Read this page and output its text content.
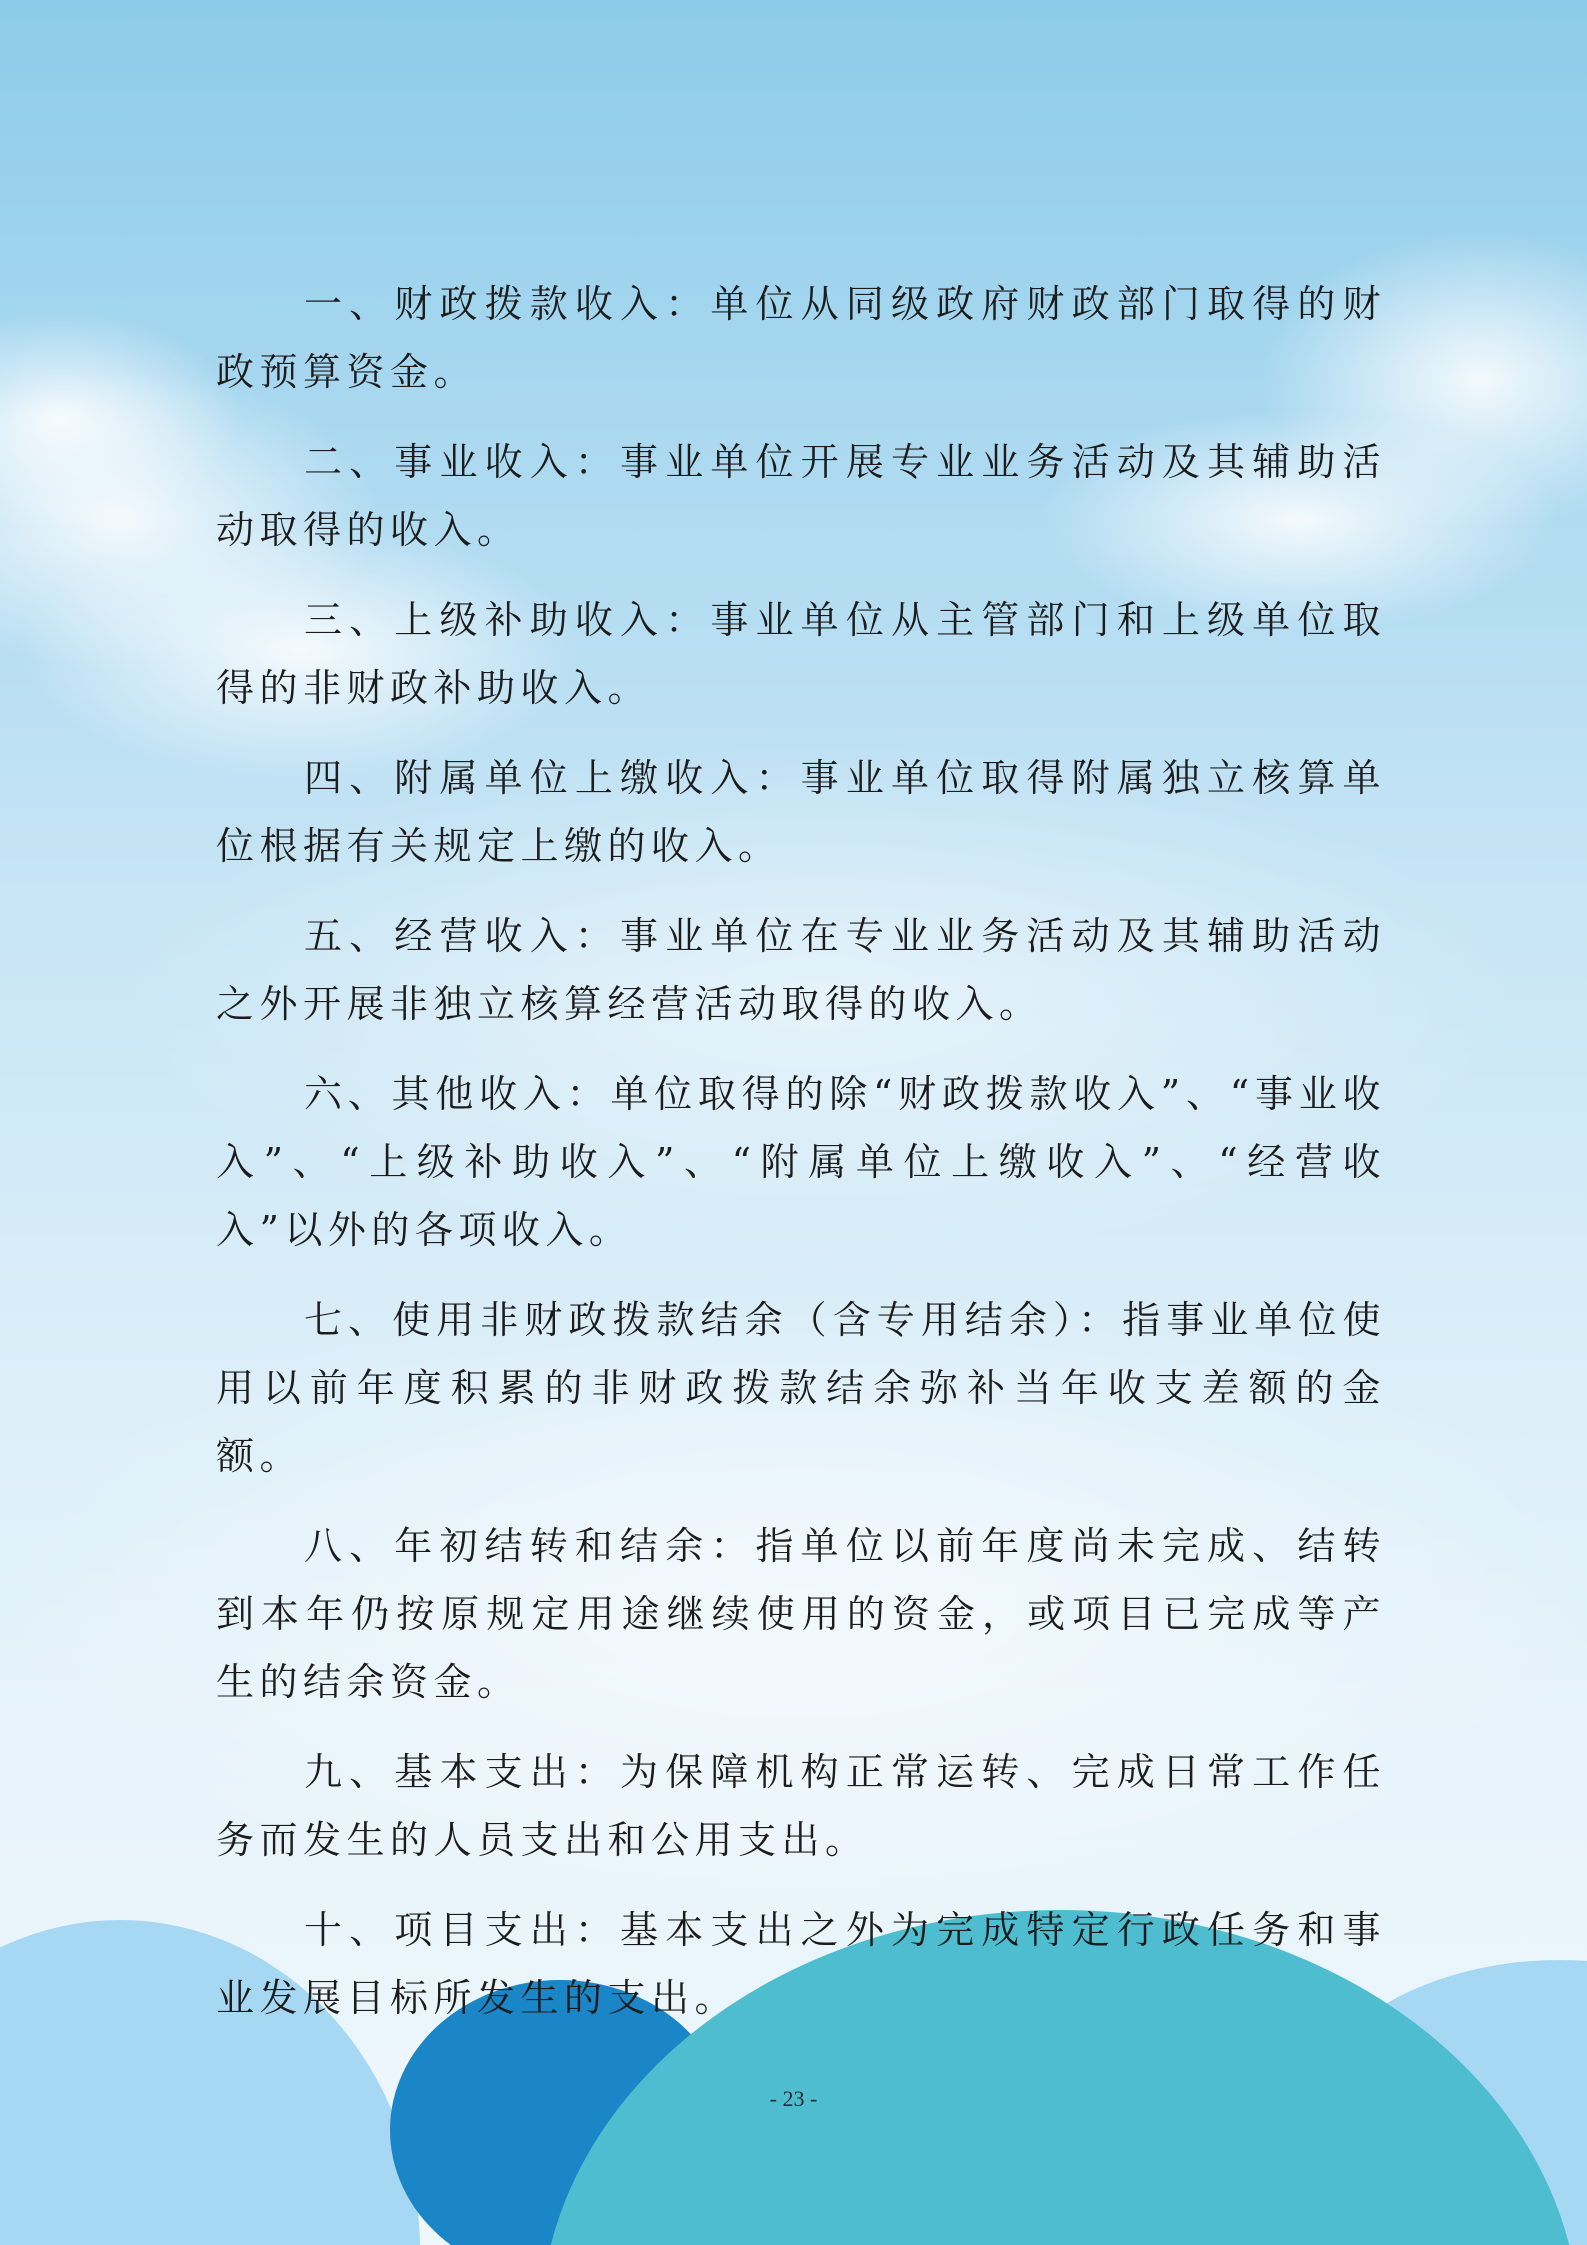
一、财政拨款收入：单位从同级政府财政部门取得的财政预算资金。

二、事业收入：事业单位开展专业业务活动及其辅助活动取得的收入。

三、上级补助收入：事业单位从主管部门和上级单位取得的非财政补助收入。

四、附属单位上缴收入：事业单位取得附属独立核算单位根据有关规定上缴的收入。

五、经营收入：事业单位在专业业务活动及其辅助活动之外开展非独立核算经营活动取得的收入。

六、其他收入：单位取得的除“财政拨款收入”、“事业收入”、“上级补助收入”、“附属单位上缴收入”、“经营收入”以外的各项收入。

七、使用非财政拨款结余（含专用结余）：指事业单位使用以前年度积累的非财政拨款结余弥补当年收支差额的金额。

八、年初结转和结余：指单位以前年度尚未完成、结转到本年仍按原规定用途继续使用的资金，或项目已完成等产生的结余资金。

九、基本支出：为保障机构正常运转、完成日常工作任务而发生的人员支出和公用支出。

十、项目支出：基本支出之外为完成特定行政任务和事业发展目标所发生的支出。

- 23 -
